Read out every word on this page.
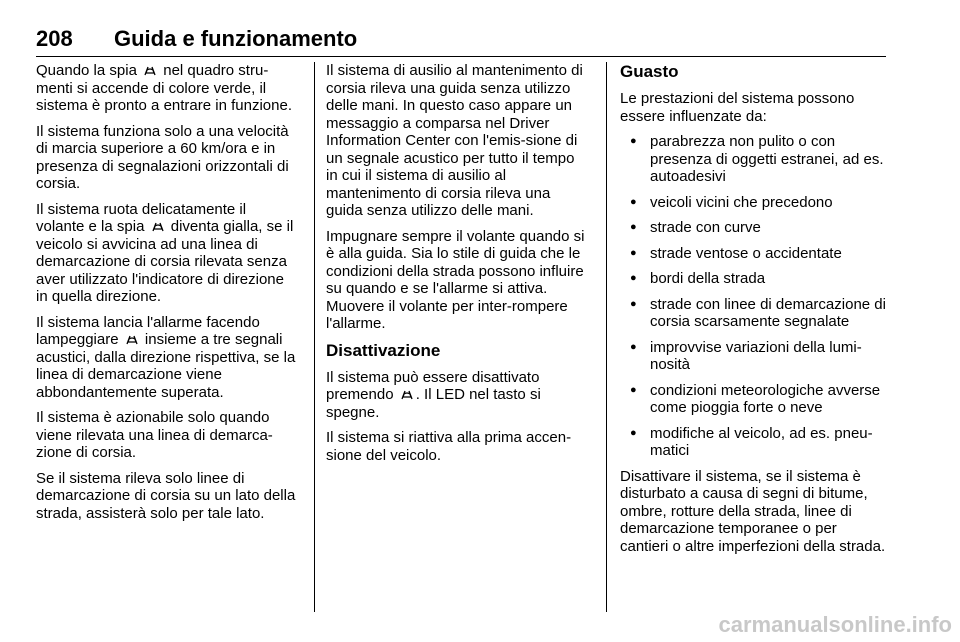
208	Guida e funzionamento

Quando la spia nel quadro stru-menti si accende di colore verde, il sistema è pronto a entrare in funzione.

Il sistema funziona solo a una velocità di marcia superiore a 60 km/ora e in presenza di segnalazioni orizzontali di corsia.

Il sistema ruota delicatamente il volante e la spia diventa gialla, se il veicolo si avvicina ad una linea di demarcazione di corsia rilevata senza aver utilizzato l'indicatore di direzione in quella direzione.

Il sistema lancia l'allarme facendo lampeggiare insieme a tre segnali acustici, dalla direzione rispettiva, se la linea di demarcazione viene abbondantemente superata.

Il sistema è azionabile solo quando viene rilevata una linea di demarca-zione di corsia.

Se il sistema rileva solo linee di demarcazione di corsia su un lato della strada, assisterà solo per tale lato.

Il sistema di ausilio al mantenimento di corsia rileva una guida senza utilizzo delle mani. In questo caso appare un messaggio a comparsa nel Driver Information Center con l'emis-sione di un segnale acustico per tutto il tempo in cui il sistema di ausilio al mantenimento di corsia rileva una guida senza utilizzo delle mani.

Impugnare sempre il volante quando si è alla guida. Sia lo stile di guida che le condizioni della strada possono influire su quando e se l'allarme si attiva. Muovere il volante per inter-rompere l'allarme.

Disattivazione

Il sistema può essere disattivato premendo . Il LED nel tasto si spegne.

Il sistema si riattiva alla prima accen-sione del veicolo.

Guasto

Le prestazioni del sistema possono essere influenzate da:

● parabrezza non pulito o con presenza di oggetti estranei, ad es. autoadesivi
● veicoli vicini che precedono
● strade con curve
● strade ventose o accidentate
● bordi della strada
● strade con linee di demarcazione di corsia scarsamente segnalate
● improvvise variazioni della lumi-nosità
● condizioni meteorologiche avverse come pioggia forte o neve
● modifiche al veicolo, ad es. pneu-matici

Disattivare il sistema, se il sistema è disturbato a causa di segni di bitume, ombre, rotture della strada, linee di demarcazione temporanee o per cantieri o altre imperfezioni della strada.

carmanualsonline.info
